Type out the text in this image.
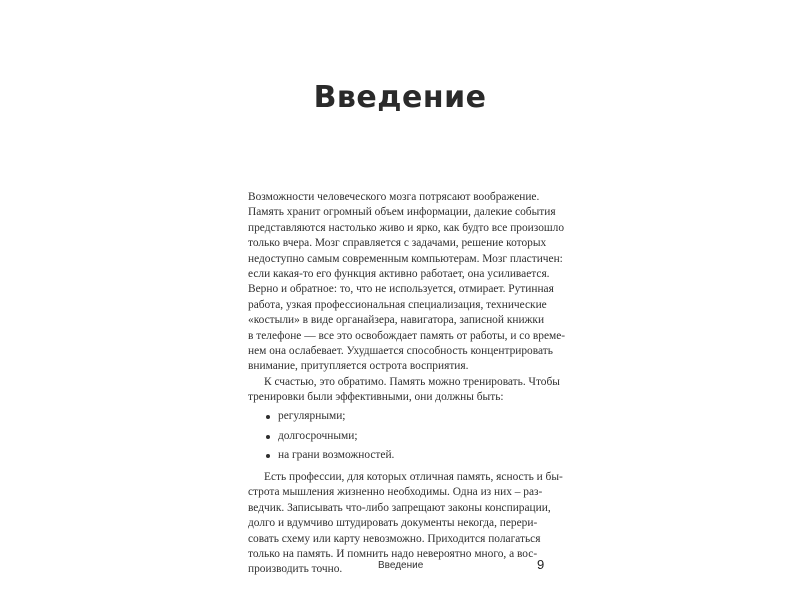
Введение
Возможности человеческого мозга потрясают воображение.
Память хранит огромный объем информации, далекие события
представляются настолько живо и ярко, как будто все произошло
только вчера. Мозг справляется с задачами, решение которых
недоступно самым современным компьютерам. Мозг пластичен:
если какая-то его функция активно работает, она усиливается.
Верно и обратное: то, что не используется, отмирает. Рутинная
работа, узкая профессиональная специализация, технические
«костыли» в виде органайзера, навигатора, записной книжки
в телефоне — все это освобождает память от работы, и со време-
нем она ослабевает. Ухудшается способность концентрировать
внимание, притупляется острота восприятия.
К счастью, это обратимо. Память можно тренировать. Чтобы
тренировки были эффективными, они должны быть:
регулярными;
долгосрочными;
на грани возможностей.
Есть профессии, для которых отличная память, ясность и бы-
строта мышления жизненно необходимы. Одна из них – раз-
ведчик. Записывать что-либо запрещают законы конспирации,
долго и вдумчиво штудировать документы некогда, перери-
совать схему или карту невозможно. Приходится полагаться
только на память. И помнить надо невероятно много, а вос-
производить точно.	Введение	9
